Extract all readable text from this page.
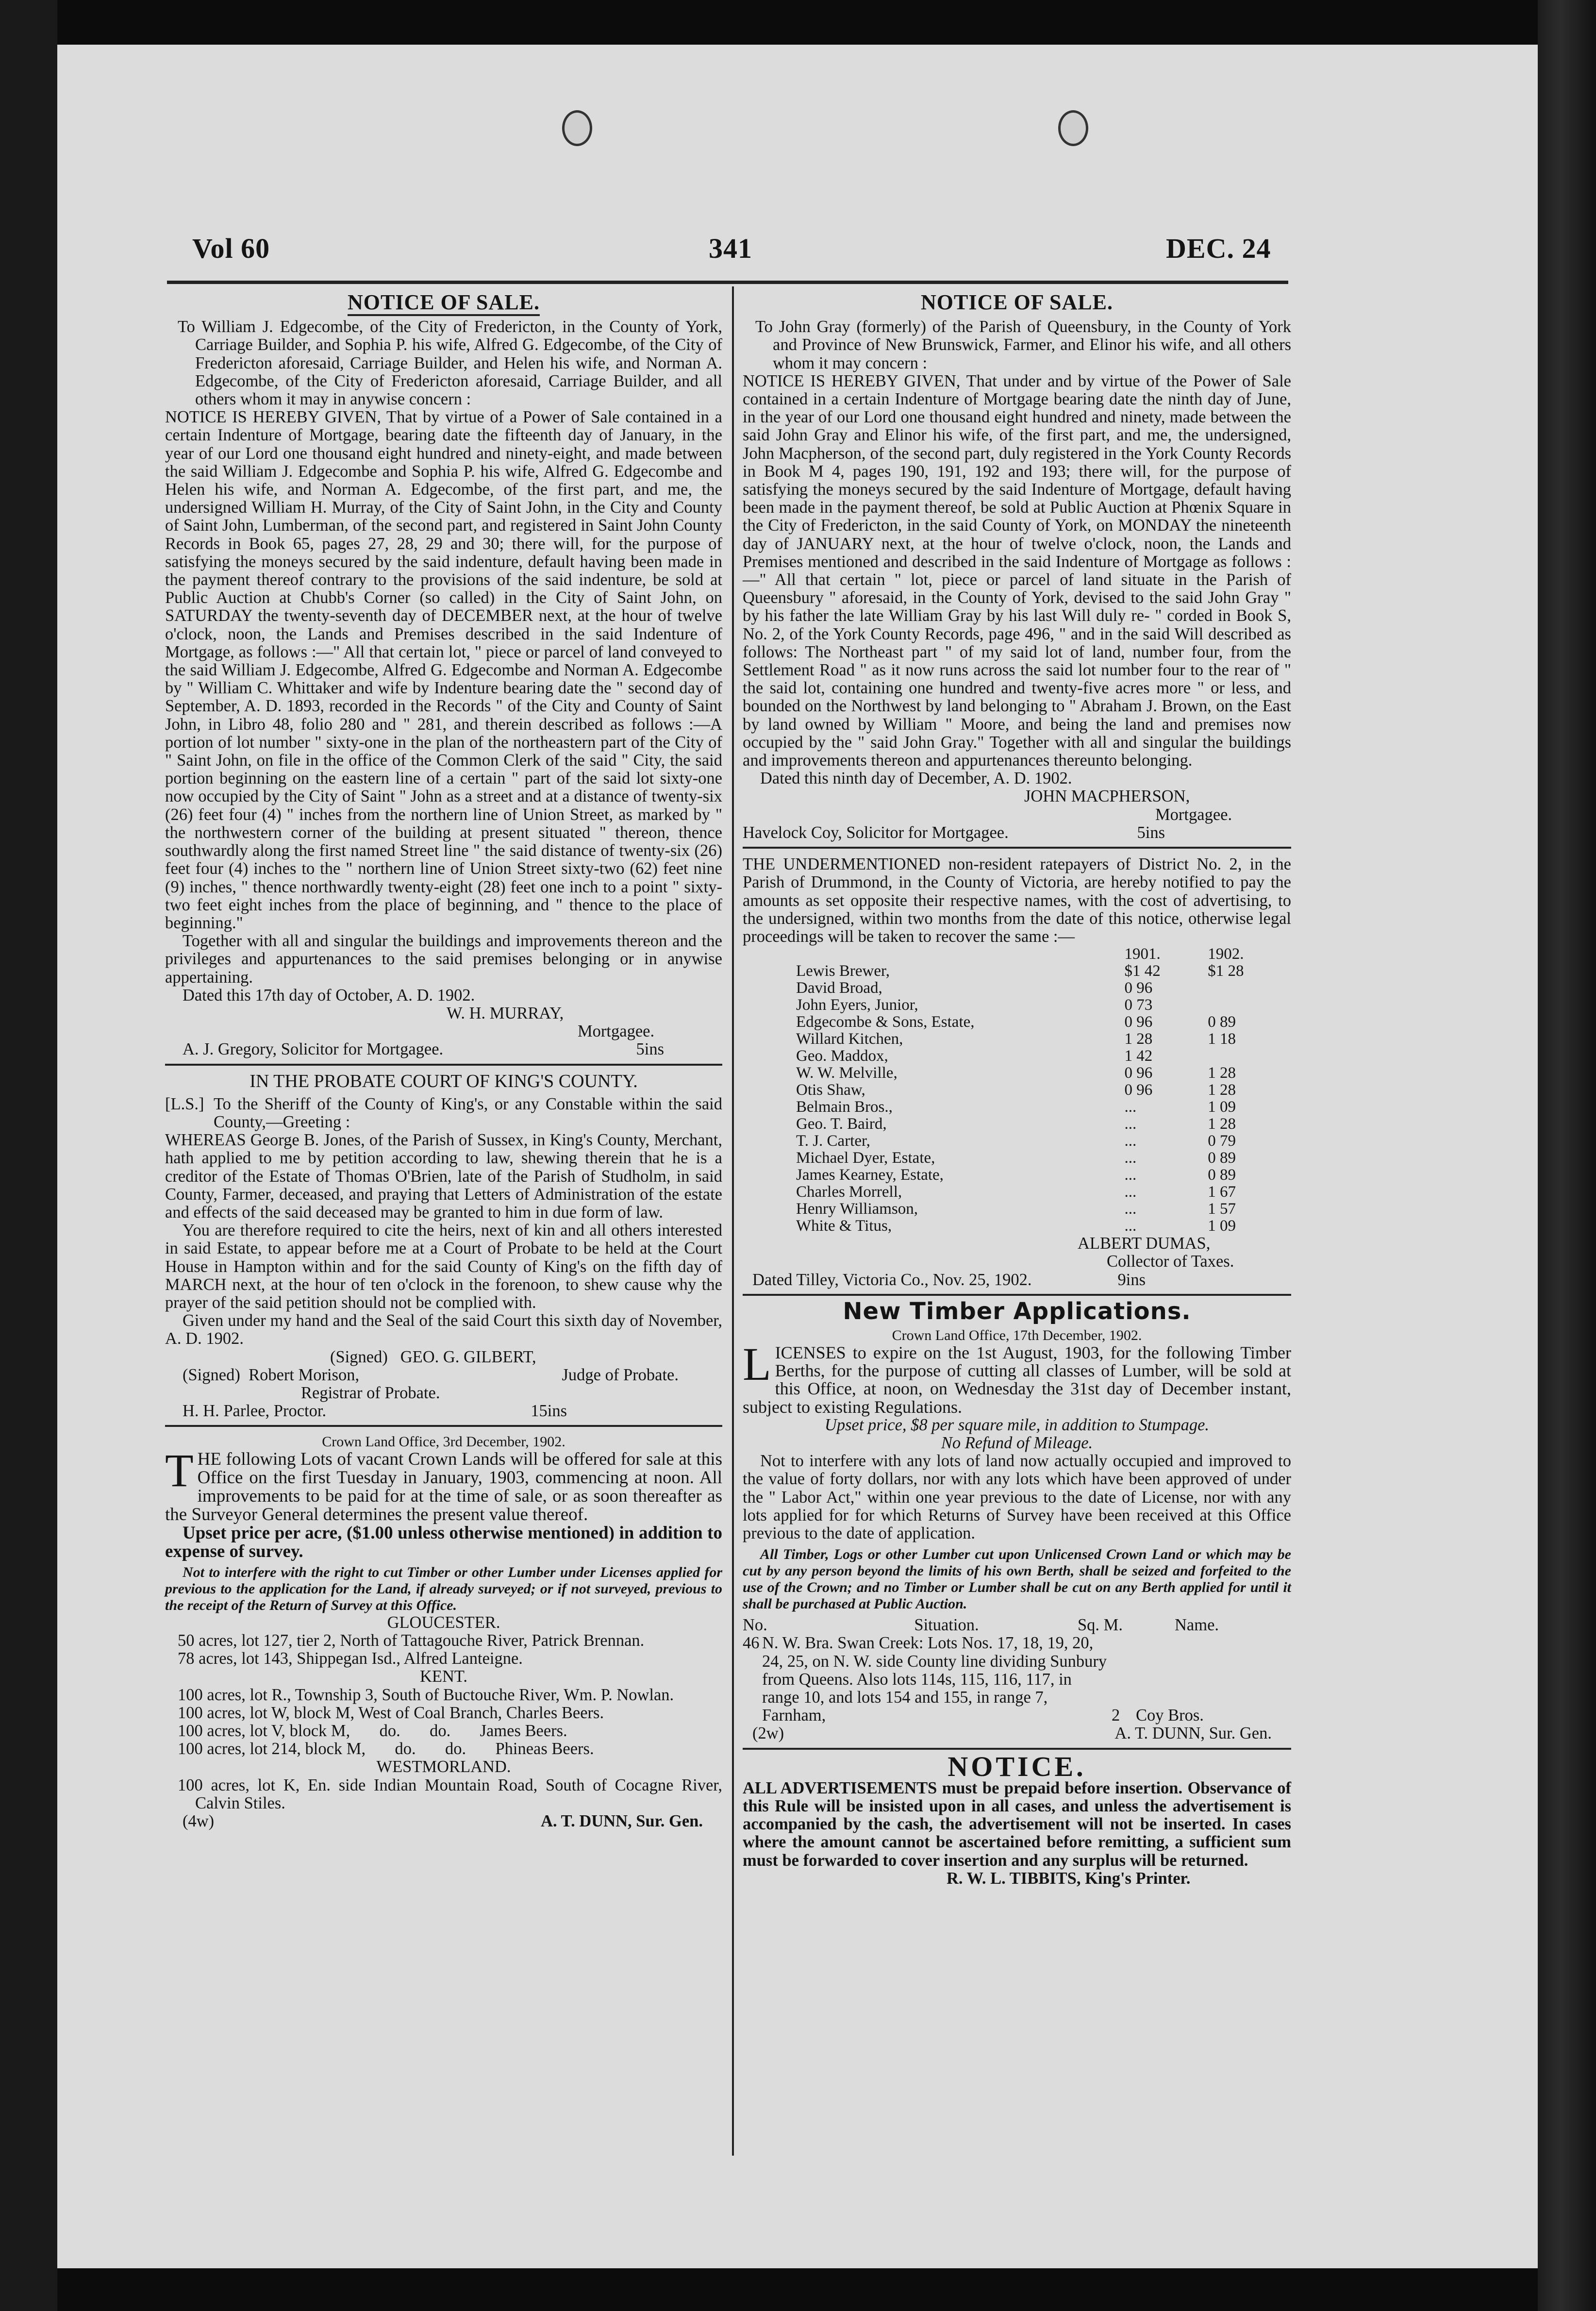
Vol 60	341	DEC. 24
NOTICE OF SALE.

To William J. Edgecombe, of the City of Fredericton, in the County of York, Carriage Builder, and Sophia P. his wife, Alfred G. Edgecombe, of the City of Fredericton aforesaid, Carriage Builder, and Helen his wife, and Norman A. Edgecombe, of the City of Fredericton aforesaid, Carriage Builder, and all others whom it may in anywise concern :

NOTICE IS HEREBY GIVEN, That by virtue of a Power of Sale contained in a certain Indenture of Mortgage, bearing date the fifteenth day of January, in the year of our Lord one thousand eight hundred and ninety-eight, and made between the said William J. Edgecombe and Sophia P. his wife, Alfred G. Edgecombe and Helen his wife, and Norman A. Edgecombe, of the first part, and me, the undersigned William H. Murray, of the City of Saint John, in the City and County of Saint John, Lumberman, of the second part, and registered in Saint John County Records in Book 65, pages 27, 28, 29 and 30; there will, for the purpose of satisfying the moneys secured by the said indenture, default having been made in the payment thereof contrary to the provisions of the said indenture, be sold at Public Auction at Chubb's Corner (so called) in the City of Saint John, on SATURDAY the twenty-seventh day of DECEMBER next, at the hour of twelve o'clock, noon, the Lands and Premises described in the said Indenture of Mortgage, as follows :—" All that certain lot, " piece or parcel of land conveyed to the said William J. Edgecombe, Alfred G. Edgecombe and Norman A. Edgecombe by " William C. Whittaker and wife by Indenture bearing date the " second day of September, A. D. 1893, recorded in the Records " of the City and County of Saint John, in Libro 48, folio 280 and " 281, and therein described as follows :—A portion of lot number " sixty-one in the plan of the northeastern part of the City of " Saint John, on file in the office of the Common Clerk of the said " City, the said portion beginning on the eastern line of a certain " part of the said lot sixty-one now occupied by the City of Saint " John as a street and at a distance of twenty-six (26) feet four (4) " inches from the northern line of Union Street, as marked by " the northwestern corner of the building at present situated " thereon, thence southwardly along the first named Street line " the said distance of twenty-six (26) feet four (4) inches to the " northern line of Union Street sixty-two (62) feet nine (9) inches, " thence northwardly twenty-eight (28) feet one inch to a point " sixty-two feet eight inches from the place of beginning, and " thence to the place of beginning."

Together with all and singular the buildings and improvements thereon and the privileges and appurtenances to the said premises belonging or in anywise appertaining.

Dated this 17th day of October, A. D. 1902.

W. H. MURRAY,

Mortgagee.

A. J. Gregory, Solicitor for Mortgagee.	5ins
IN THE PROBATE COURT OF KING'S COUNTY.
[L.S.] To the Sheriff of the County of King's, or any Constable within the said County,—Greeting :

WHEREAS George B. Jones, of the Parish of Sussex, in King's County, Merchant, hath applied to me by petition according to law, shewing therein that he is a creditor of the Estate of Thomas O'Brien, late of the Parish of Studholm, in said County, Farmer, deceased, and praying that Letters of Administration of the estate and effects of the said deceased may be granted to him in due form of law.

You are therefore required to cite the heirs, next of kin and all others interested in said Estate, to appear before me at a Court of Probate to be held at the Court House in Hampton within and for the said County of King's on the fifth day of MARCH next, at the hour of ten o'clock in the forenoon, to shew cause why the prayer of the said petition should not be complied with.

Given under my hand and the Seal of the said Court this sixth day of November, A. D. 1902.

(Signed) GEO. G. GILBERT,
(Signed) Robert Morison,	Judge of Probate.

Registrar of Probate.

H. H. Parlee, Proctor.	15ins
Crown Land Office, 3rd December, 1902.

THE following Lots of vacant Crown Lands will be offered for sale at this Office on the first Tuesday in January, 1903, commencing at noon. All improvements to be paid for at the time of sale, or as soon thereafter as the Surveyor General determines the present value thereof.

Upset price per acre, ($1.00 unless otherwise mentioned) in addition to expense of survey.

Not to interfere with the right to cut Timber or other Lumber under Licenses applied for previous to the application for the Land, if already surveyed; or if not surveyed, previous to the receipt of the Return of Survey at this Office.

GLOUCESTER.

50 acres, lot 127, tier 2, North of Tattagouche River, Patrick Brennan.

78 acres, lot 143, Shippegan Isd., Alfred Lanteigne.

KENT.

100 acres, lot R., Township 3, South of Buctouche River, Wm. P. Nowlan.

100 acres, lot W, block M, West of Coal Branch, Charles Beers.

100 acres, lot V, block M,       do.       do.       James Beers.

100 acres, lot 214, block M,       do.       do.       Phineas Beers.

WESTMORLAND.

100 acres, lot K, En. side Indian Mountain Road, South of Cocagne River, Calvin Stiles.

(4w)	A. T. DUNN, Sur. Gen.
NOTICE OF SALE.

To John Gray (formerly) of the Parish of Queensbury, in the County of York and Province of New Brunswick, Farmer, and Elinor his wife, and all others whom it may concern :

NOTICE IS HEREBY GIVEN, That under and by virtue of the Power of Sale contained in a certain Indenture of Mortgage bearing date the ninth day of June, in the year of our Lord one thousand eight hundred and ninety, made between the said John Gray and Elinor his wife, of the first part, and me, the undersigned, John Macpherson, of the second part, duly registered in the York County Records in Book M 4, pages 190, 191, 192 and 193; there will, for the purpose of satisfying the moneys secured by the said Indenture of Mortgage, default having been made in the payment thereof, be sold at Public Auction at Phœnix Square in the City of Fredericton, in the said County of York, on MONDAY the nineteenth day of JANUARY next, at the hour of twelve o'clock, noon, the Lands and Premises mentioned and described in the said Indenture of Mortgage as follows :—" All that certain " lot, piece or parcel of land situate in the Parish of Queensbury " aforesaid, in the County of York, devised to the said John Gray " by his father the late William Gray by his last Will duly re- " corded in Book S, No. 2, of the York County Records, page 496, " and in the said Will described as follows: The Northeast part " of my said lot of land, number four, from the Settlement Road " as it now runs across the said lot number four to the rear of " the said lot, containing one hundred and twenty-five acres more " or less, and bounded on the Northwest by land belonging to " Abraham J. Brown, on the East by land owned by William " Moore, and being the land and premises now occupied by the " said John Gray." Together with all and singular the buildings and improvements thereon and appurtenances thereunto belonging.

Dated this ninth day of December, A. D. 1902.

JOHN MACPHERSON,

Mortgagee.

Havelock Coy, Solicitor for Mortgagee.	5ins

THE UNDERMENTIONED non-resident ratepayers of District No. 2, in the Parish of Drummond, in the County of Victoria, are hereby notified to pay the amounts as set opposite their respective names, with the cost of advertising, to the undersigned, within two months from the date of this notice, otherwise legal proceedings will be taken to recover the same :—

	1901.	1902.
Lewis Brewer,	$1 42	$1 28
David Broad,	0 96	
John Eyers, Junior,	0 73	
Edgecombe & Sons, Estate,	0 96	0 89
Willard Kitchen,	1 28	1 18
Geo. Maddox,	1 42	
W. W. Melville,	0 96	1 28
Otis Shaw,	0 96	1 28
Belmain Bros.,	...	1 09
Geo. T. Baird,	...	1 28
T. J. Carter,	...	0 79
Michael Dyer, Estate,	...	0 89
James Kearney, Estate,	...	0 89
Charles Morrell,	...	1 67
Henry Williamson,	...	1 57
White & Titus,	...	1 09

ALBERT DUMAS,

Collector of Taxes.

Dated Tilley, Victoria Co., Nov. 25, 1902.	9ins
New Timber Applications.
Crown Land Office, 17th December, 1902.

LICENSES to expire on the 1st August, 1903, for the following Timber Berths, for the purpose of cutting all classes of Lumber, will be sold at this Office, at noon, on Wednesday the 31st day of December instant, subject to existing Regulations.

Upset price, $8 per square mile, in addition to Stumpage.

No Refund of Mileage.

Not to interfere with any lots of land now actually occupied and improved to the value of forty dollars, nor with any lots which have been approved of under the " Labor Act," within one year previous to the date of License, nor with any lots applied for for which Returns of Survey have been received at this Office previous to the date of application.

All Timber, Logs or other Lumber cut upon Unlicensed Crown Land or which may be cut by any person beyond the limits of his own Berth, shall be seized and forfeited to the use of the Crown; and no Timber or Lumber shall be cut on any Berth applied for until it shall be purchased at Public Auction.

No.	Situation.	Sq. M.	Name.
46 N. W. Bra. Swan Creek: Lots Nos. 17, 18, 19, 20, 24, 25, on N. W. side County line dividing Sunbury from Queens. Also lots 114s, 115, 116, 117, in range 10, and lots 154 and 155, in range 7, Farnham,	2 Coy Bros.
(2w)	A. T. DUNN, Sur. Gen.
NOTICE.

ALL ADVERTISEMENTS must be prepaid before insertion. Observance of this Rule will be insisted upon in all cases, and unless the advertisement is accompanied by the cash, the advertisement will not be inserted. In cases where the amount cannot be ascertained before remitting, a sufficient sum must be forwarded to cover insertion and any surplus will be returned.

R. W. L. TIBBITS, King's Printer.
